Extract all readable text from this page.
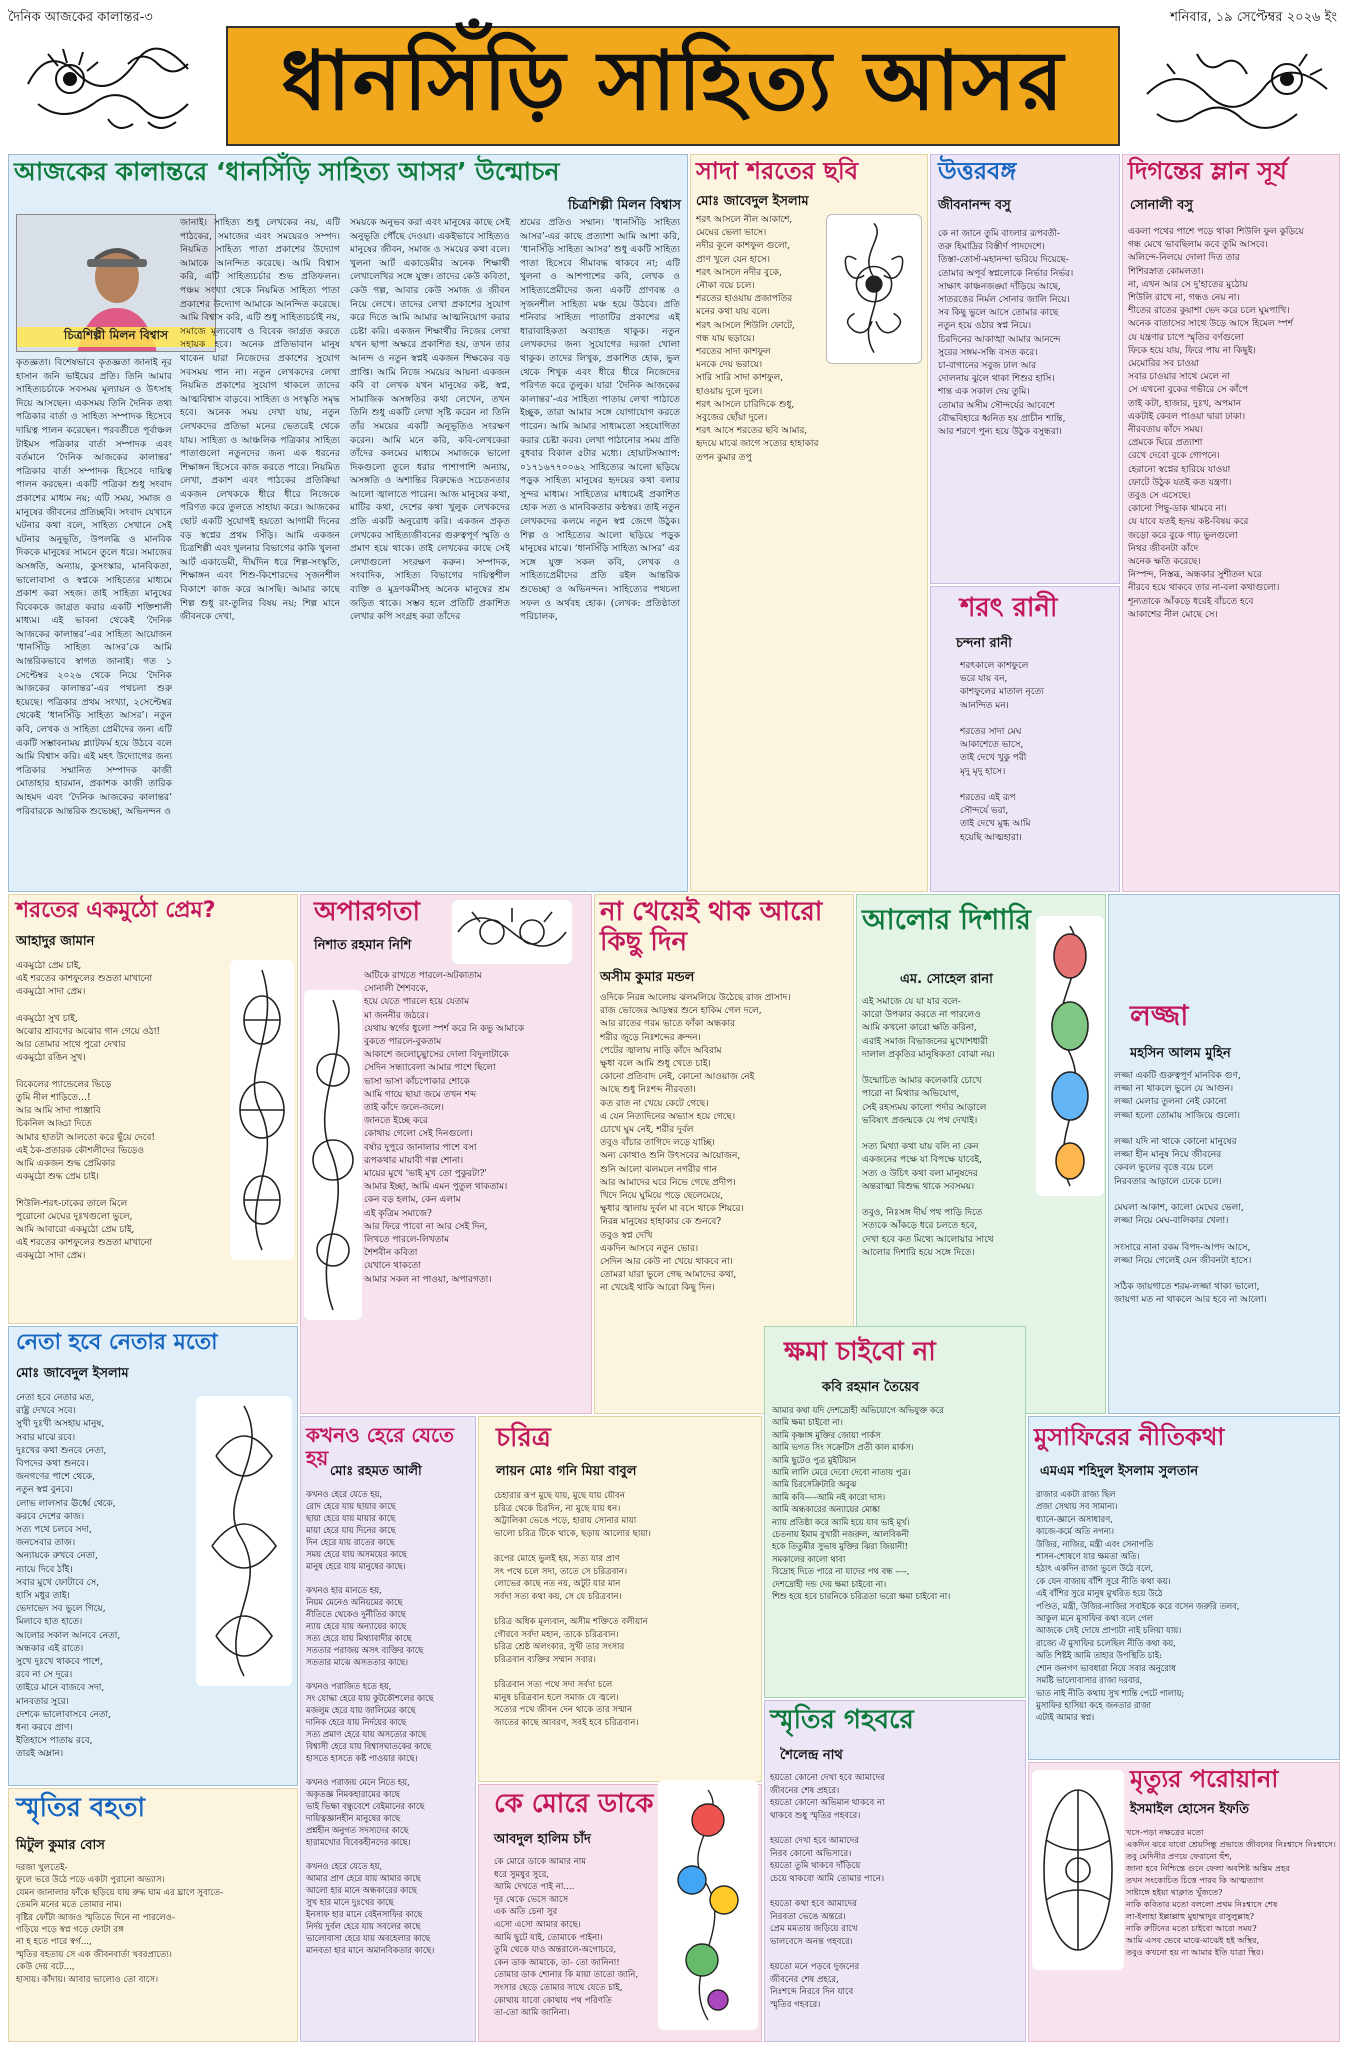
দৈনিক আজকের কালান্তর-৩	শনিবার, ১৯ সেপ্টেম্বর ২০২৬ ইং
ধানসিঁড়ি সাহিত্য আসর
আজকের কালান্তরে ‘ধানসিঁড়ি সাহিত্য আসর’ উন্মোচন
চিত্রশিল্পী মিলন বিশ্বাস
চিত্রশিল্পী মিলন বিশ্বাস
কৃতজ্ঞতা। বিশেষভাবে কৃতজ্ঞতা জানাই নূর হাসান জনি ভাইয়ের প্রতি। তিনি আমার সাহিত্যচর্চাকে সবসময় মূল্যায়ন ও উৎসাহ দিয়ে আসছেন। একসময় তিনি দৈনিক তথ্য পত্রিকার বার্তা ও সাহিত্য সম্পাদক হিসেবে দায়িত্ব পালন করেছেন। পরবর্তীতে পূর্বাঞ্চল টাইমস পত্রিকার বার্তা সম্পাদক এবং বর্তমানে ‘দৈনিক আজকের কালান্তর’ পত্রিকার বার্তা সম্পাদক হিসেবে দায়িত্ব পালন করছেন। একটি পত্রিকা শুধু সংবাদ প্রকাশের মাধ্যম নয়; এটি সময়, সমাজ ও মানুষের জীবনের প্রতিচ্ছবি। সংবাদ যেখানে ঘটনার কথা বলে, সাহিত্য সেখানে সেই ঘটনার অনুভূতি, উপলব্ধি ও মানবিক দিককে মানুষের সামনে তুলে ধরে। সমাজের অসঙ্গতি, অন্যায়, কুসংস্কার, মানবিকতা, ভালোবাসা ও স্বপ্নকে সাহিত্যের মাধ্যমে প্রকাশ করা সহজ। তাই সাহিত্য মানুষের বিবেককে জাগ্রত করার একটি শক্তিশালী মাধ্যম। এই ভাবনা থেকেই ‘দৈনিক আজকের কালান্তর’-এর সাহিত্য আয়োজন ‘ধানসিঁড়ি সাহিত্য আসর’কে আমি আন্তরিকভাবে স্বাগত জানাই। গত ১ সেপ্টেম্বর ২০২৬ থেকে নিয়ে ‘দৈনিক আজকের কালান্তর’-এর পথচলা শুরু হয়েছে। পত্রিকার প্রথম সংখ্যা, ২সেপ্টেম্বর থেকেই ‘ধানসিঁড়ি সাহিত্য আসর’। নতুন কবি, লেখক ও সাহিত্য প্রেমীদের জন্য এটি একটি সম্ভাবনাময় প্ল্যাটফর্ম হয়ে উঠবে বলে আমি বিশ্বাস করি। এই মহৎ উদ্যোগের জন্য পত্রিকার সম্মানিত সম্পাদক কাজী মোতাহার হারমান, প্রকাশক কাজী তারিক আহমদ এবং ‘দৈনিক আজকের কালান্তর’ পরিবারকে আন্তরিক শুভেচ্ছা, অভিনন্দন ও
জানাই। সাহিত্য শুধু লেখকের নয়, এটি পাঠকের, সমাজের এবং সময়েরও সম্পদ। নিয়মিত সাহিত্য পাতা প্রকাশের উদ্যোগ আমাকে আনন্দিত করেছে। আমি বিশ্বাস করি, এটি সাহিত্যচর্চার শুভ প্রতিফলন। পঞ্চম সংখ্যা থেকে নিয়মিত সাহিত্য পাতা প্রকাশের উদ্যোগ আমাকে আনন্দিত করেছে। আমি বিশ্বাস করি, এটি শুধু সাহিত্যচর্চাই নয়, সমাজে মূল্যবোধ ও বিবেক জাগ্রত করতে সহায়ক হবে। অনেক প্রতিভাবান মানুষ থাকেন যারা নিজেদের প্রকাশের সুযোগ সবসময় পান না। নতুন লেখকদের লেখা নিয়মিত প্রকাশের সুযোগ থাকলে তাদের আত্মবিশ্বাস বাড়বে। সাহিত্য ও সংস্কৃতি সমৃদ্ধ হবে। অনেক সময় দেখা যায়, নতুন লেখকদের প্রতিভা মনের ভেতরেই থেকে যায়। সাহিত্য ও আঞ্চলিক পত্রিকার সাহিত্য পাতাগুলো নতুনদের জন্য এক ধরনের শিক্ষাঙ্গন হিসেবে কাজ করতে পারে। নিয়মিত লেখা, প্রকাশ এবং পাঠকের প্রতিক্রিয়া একজন লেখককে ধীরে ধীরে নিজেকে পরিণত করে তুলতে সাহায্য করে। আজকের ছোট একটি সুযোগই হয়তো আগামী দিনের বড় স্বপ্নের প্রথম সিঁড়ি। আমি একজন চিত্রশিল্পী এবং খুলনার বিভাগের কাকি খুলনা আর্ট একাডেমী, দীর্ঘদিন ধরে শিল্প-সংস্কৃতি, শিক্ষাঙ্গন এবং শিশু-কিশোরদের সৃজনশীল বিকাশে কাজ করে আসছি। আমার কাছে শিল্প শুধু রং-তুলির বিষয় নয়; শিল্প মানে জীবনকে দেখা,
সময়কে অনুভব করা এবং মানুষের কাছে সেই অনুভূতি পৌঁছে দেওয়া। একইভাবে সাহিত্যও মানুষের জীবন, সমাজ ও সময়ের কথা বলে। খুলনা আর্ট একাডেমীর অনেক শিক্ষার্থী লেখালেখির সঙ্গে যুক্ত। তাদের কেউ কবিতা, কেউ গল্প, আবার কেউ সমাজ ও জীবন নিয়ে লেখে। তাদের লেখা প্রকাশের সুযোগ করে দিতে আমি আমার আত্মনিয়োগ করার চেষ্টা করি। একজন শিক্ষার্থীর নিজের লেখা যখন ছাপা অক্ষরে প্রকাশিত হয়, তখন তার আনন্দ ও নতুন স্বপ্নই একজন শিক্ষকের বড় প্রাপ্তি। আমি নিজে সময়ের আয়না একজন কবি বা লেখক যখন মানুষের কষ্ট, স্বপ্ন, সামাজিক অসঙ্গতির কথা লেখেন, তখন তিনি শুধু একটি লেখা সৃষ্টি করেন না তিনি তাঁর সময়ের একটি অনুভূতিও সংরক্ষণ করেন। আমি মনে করি, কবি-লেখকেরা তাঁদের কলমের মাধ্যমে সমাজকে ভালো দিকগুলো তুলে ধরার পাশাপাশি অন্যায়, অসঙ্গতি ও অশান্তির বিরুদ্ধেও সচেতনতার আলো জ্বালাতে পারেন। আজ মানুষের কথা, মাটির কথা, দেশের কথা খুলুক লেখকদের প্রতি একটি অনুরোধ করি। একজন প্রকৃত লেখকের সাহিত্যজীবনের গুরুত্বপূর্ণ স্মৃতি ও প্রমাণ হয়ে থাকে। তাই লেখকের কাছে সেই লেখাগুলো সংরক্ষণ করুন। সম্পাদক, সংবাদিক, সাহিত্য বিভাগের দায়িত্বশীল ব্যক্তি ও মুদ্রণকর্মীসহ অনেক মানুষের শ্রম জড়িত থাকে। সম্ভব হলে প্রতিটি প্রকাশিত লেখার কপি সংগ্রহ করা তাঁদের
শ্রমের প্রতিও সম্মান। ‘ধানসিঁড়ি সাহিত্য আসর’-এর কাছে প্রত্যাশা আমি আশা করি, ‘ধানসিঁড়ি সাহিত্য আসর’ শুধু একটি সাহিত্য পাতা হিসেবে সীমাবদ্ধ থাকবে না; এটি খুলনা ও আশপাশের কবি, লেখক ও সাহিত্যপ্রেমীদের জন্য একটি প্রাণবন্ত ও সৃজনশীল সাহিত্য মঞ্চ হয়ে উঠবে। প্রতি শনিবার সাহিত্য পাতাটির প্রকাশের এই ধারাবাহিকতা অব্যাহত থাকুক। নতুন লেখকদের জন্য সুযোগের দরজা খোলা থাকুক। তাদের লিখুক, প্রকাশিত হোক, ভুল থেকে শিখুক এবং ধীরে ধীরে নিজেদের পরিণত করে তুলুক। যারা ‘দৈনিক আজকের কালান্তর’-এর সাহিত্য পাতায় লেখা পাঠাতে ইচ্ছুক, তারা আমার সঙ্গে যোগাযোগ করতে পারেন। আমি আমার সাধ্যমতো সহযোগিতা করার চেষ্টা করব। লেখা পাঠানোর সময় প্রতি বুধবার বিকাল ৫টার মধ্যে। হোয়াটসঅ্যাপ: ০১৭১৬৭৭০০৬২ সাহিত্যের আলো ছড়িয়ে পড়ুক সাহিত্য মানুষের হৃদয়ের কথা বলার সুন্দর মাধ্যম। সাহিত্যের মাধ্যমেই প্রকাশিত হোক সত্য ও মানবিকতার কন্ঠস্বর। তাই নতুন লেখকদের কলমে নতুন স্বপ্ন জেগে উঠুক। শিল্প ও সাহিত্যের আলো ছড়িয়ে পড়ুক মানুষের মাঝে। ‘ধানসিঁড়ি সাহিত্য আসর’ এর সঙ্গে যুক্ত সকল কবি, লেখক ও সাহিত্যপ্রেমীদের প্রতি রইল আন্তরিক শুভেচ্ছা ও অভিনন্দন। সাহিত্যের পথচলা সফল ও অর্থবহ হোক। (লেখক: প্রতিষ্ঠাতা পরিচালক,
সাদা শরতের ছবি
মোঃ জাবেদুল ইসলাম
শরৎ আসলে নীল আকাশে,
মেঘের ভেলা ভাসে।
নদীর কূলে কাশফুল গুলো,
প্রাণ খুলে যেন হাসে।
শরৎ আসলে নদীর বুকে,
নৌকা বয়ে চলে।
শরতের হাওয়ায় প্রজাপতির
মনের কথা যায় বলে।
শরৎ আসলে শিউলি ফোটে,
গন্ধ যায় ছড়ায়ে।
শরতের সাদা কাশফুল
মনকে দেয় ভরায়ে।
সারি সারি সাদা কাশফুল,
হাওয়ায় দুলে দুলে।
শরৎ আসলে চারিদিকে শুধু,
সবুজের ছোঁয়া দুলে।
শরৎ আসে শরতের ছবি আমার,
হৃদয়ে মাঝে জাগে সত্যের হাহাকার
তপন কুমার তপু
উত্তরবঙ্গ
জীবনানন্দ বসু
কে না জানে তুমি বাংলার রূপবতী-
তরু হিমাদ্রির বিস্তীর্ণ পাদদেশে।
তিস্তা-তোর্সা-মহানন্দা ভরিয়ে দিয়েছে-
তোমার অপূর্ব স্বপ্নলোকে নির্ভার নির্ভর।
সাক্ষাৎ কাঞ্চনজঙ্ঘা দাঁড়িয়ে আছে,
সাতরঙের নির্মল সোনার জালি নিয়ে।
সব কিছু ভুলে আসে তোমার কাছে
নতুন হয়ে ওঠার স্বপ্ন নিয়ে।
চিরদিনের আকাঙ্খা আমার আনন্দে
সুরের সঙ্গম-সন্ধি বসত করে।
চা-বাগানের সবুজ ঢাল আর
দোলনায় ঝুলে থাকা শিশুর হাসি।
শান্ত এক সকাল দেয় তুমি।
তোমার অসীম সৌন্দর্যের আবেশে
বৌদ্ধবিহারে ধ্বনিত হয় প্রাচীন শান্তি,
আর শরণে পুন্য হয়ে উঠুক বসুন্ধরা।
শরৎ রানী
চন্দনা রানী
শরৎকালে কাশফুলে
ভরে যায় বন,
কাশফুলের মাতাল নৃত্যে
আনন্দিত মন।

শরতের সাদা মেঘ
আকাশেতে ভাসে,
তাই দেখে খুকু পরী
মৃদু মৃদু হাসে।

শরতের এই রূপ
সৌন্দর্যে ভরা,
তাই দেখে মুগ্ধ আমি
হয়েছি আত্মহারা।
দিগন্তের ম্লান সূর্য
সোনালী বসু
একলা পথের পাশে পড়ে থাকা শিউলি ফুল কুড়িয়ে
গন্ধ মেখে ভাবছিলাম কবে তুমি আসবে।
অলিন্দে-নিলয়ে দোলা দিত তার
শিশিরস্নাত কোমলতা।
না, এখন আর সে দু'হাতের মুঠোয়
শিউলি রাখে না, গন্ধও নেয় না।
শীতের রাতের কুয়াশা ভেদ করে চলে ঘুমপাখি।
অনেক বাতাসের সাথে উড়ে আসে হিমেল স্পর্শ
যে যন্ত্রণার চাপে স্মৃতির বর্ণগুলো
ফিকে হয়ে যায়, ফিরে পায় না কিছুই।
মেমোরির সব চাওয়া
সবার চাওয়ার সাথে মেলে না
সে এখনো বুকের গভীরে সে কাঁপে
তাই কটা, হাজার, দুঃখ, অপমান
একটাই কেবল পাওয়া দ্বারা ঢাকা।
নীরবতায় কাঁদে সময়।
প্রেমকে ঘিরে প্রত্যাশা
রেখে দেবো বুকে গোপনে।
হেরানো স্বপ্নের হারিয়ে যাওয়া
ফোটে উঠুক যতই কত যন্ত্রণা।
তবুও সে এসেছে।
কোনো পিছু-ডাক থামবে না।
যে যাবে যতই হৃদয় কষ্ট-বিষয় করে
জড়ো করে বুকে গাঢ় ভুলগুলো
নিথর জীবনটা কাঁদে
অনেক ক্ষতি করেছে।
নিস্পন্দ, নিস্তব্ধ, অন্ধকার সুশীতল ঘরে
নীরবে হয়ে থাকবে তার না-বলা কথাগুলো।
শূন্যতাকে আঁকড়ে ধরেই বাঁচতে হবে
আকাশের নীল মোছে সে।
শরতের একমুঠো প্রেম?
আহাদুর জামান
একমুঠো প্রেম চাই,
এই শরতের কাশফুলের শুভ্রতা মাখানো
একমুঠো সাদা প্রেম।

একমুঠো সুখ চাই,
অঝোর শ্রাবণের অঝোর গান গেয়ে ওঠা!
আর তোমার সাথে পুরো দেখার
একমুঠো রঙিন সুখ।

বিকেলের প্যান্ডেলের ভিড়ে
তুমি নীল শাড়িতে…!
আর আমি সাদা পাঞ্জাবি
চিকনিল আড্ডা দিতে
আমার হাতটা আলতো করে ছুঁয়ে দেবে!
এই ঠক-প্রতারক কৌশলীদের ভিড়েও
আমি একজন শুদ্ধ প্রেমিকার
একমুঠো শুদ্ধ প্রেম চাই।

শিউলি-শরৎ-ঢাকের তালে মিলে
পুরোনো মেঘের দুঃখগুলো ভুলে,
আমি আবারো একমুঠো প্রেম চাই,
এই শরতের কাশফুলের শুভ্রতা মাখানো
একমুঠো সাদা প্রেম।
অপারগতা
নিশাত রহমান নিশি
অটিকে রাখতে পারলে-অটকাতাম
সোনালী শৈশবকে,
হয়ে যেতে পারলে হয়ে যেতাম
মা জননীর জঠরে।
যেথায় স্বর্গের ধুলো স্পর্শ করে নি কভু আমাকে
বুকতে পারলে-বুকতাম
আকাশে জলোচ্ছ্বাসের দোলা বিদুলাটাকে
সেদিন সন্ধ্যাবেলা আমার পাশে ছিলো
ভাসা ভাসা কাঁচপোকার শোকে
আমি গায়ে ছায়া জমে তখন শব্দ
তাই কাঁদে জলে-জলে।
জানতে ইচ্ছে করে
কোথায় গেলো সেই দিনগুলো।
বর্ষার দুপুরে জানালার পাশে বসা
রূপকথার মায়াবী গল্প শোনা।
মায়ের মুখে 'ভাই মূখ তো পুকুরটা?'
আমার ইচ্ছা, আমি এমন পুতুল থাকতাম।
কেন বড় হলাম, কেন এলাম
এই কৃত্রিম সমাজে?
আর ফিরে পাবো না আর সেই দিন,
লিখতে পারলে-লিখতাম
শৈশবীন কবিতা
যেখানে থাকতো
আমার সকল না পাওয়া, অপারগতা।
না খেয়েই থাক আরো কিছু দিন
অসীম কুমার মন্ডল
ওদিকে নিরন্ন আলোয় ঝলমলিয়ে উঠেছে রাজ প্রাসাদ।
রাজ ভোজের আড়ম্বর শুনে হাকিম গেল দলে,
আর রাতের গরম ভাতে ফাঁকা অন্ধকার
শরীর জুড়ে নিঃশব্দের ক্রন্দন।
পেটের জ্বালায় নাড়ি কাঁদে অবিরাম
ক্ষুধা বলে আমি শুধু খেতে চাই।
কোনো প্রতিবাদ নেই, কোনো আওয়াজ নেই
আছে শুধু নিঃশব্দ নীরবতা।
কত রাত না খেয়ে কেটে গেছে।
এ যেন নিত্যদিনের অভ্যাস হয়ে গেছে।
চোখে ঘুম নেই, শরীর দুর্বল
তবুও বাঁচার তাগিদে লড়ে যাচ্ছি।
অন্য কোথাও শুনি উৎসবের আয়োজন,
শুনি আলো ঝলমলে নগরীর গান
আর আমাদের ঘরে নিভে গেছে প্রদীপ।
খিদে নিয়ে ঘুমিয়ে পড়ে ছেলেমেয়ে,
ক্ষুধার জ্বালায় দুর্বল মা বসে থাকে শিয়রে।
নিরন্ন মানুষের হাহাকার কে শুনবে?
তবুও স্বপ্ন দেখি
একদিন আসবে নতুন ভোর।
সেদিন আর কেউ না খেয়ে থাকবে না।
তোমরা যারা ভুলে গেছ আমাদের কথা,
না খেয়েই থাকি আরো কিছু দিন।
আলোর দিশারি
এম. সোহেল রানা
এই সমাজে যে যা যার বলে-
কারো উপকার করতে না পারলেও
আমি কখনো কারো ক্ষতি করিনা,
এরাই সমাজ বিভাজনের মুখোশধারী
দালাল প্রকৃতির মানুষিকতা বোঝা নয়।

উন্মোচিত আমার কলেকারি চোখে
পারো না মিথ্যার অভিযোগ,
সেই রহস্যময় কালো পর্দার আড়ালে
ভবিষ্যৎ প্রজন্মকে যে পথ দেখাই।

সত্য মিথ্যা কথা যায় বলি না কেন
একজনের পক্ষে যা বিপক্ষে যাবেই,
সত্য ও উচিৎ কথা বলা মানুষদের
অন্তরাত্মা বিশুদ্ধ থাকে সবসময়।

তবুও, নিঃসঙ্গ দীর্ঘ পথ পাড়ি দিতে
সত্যকে আঁকড়ে ধরে চলতে হবে,
দেখা হবে কত মিথ্যে আলোয়ার সাথে
আলোর দিশারি হয়ে সঙ্গে দিতে।
লজ্জা
মহসিন আলম মুহিন
লজ্জা একটি গুরুত্বপূর্ণ মানবিক গুণ,
লজ্জা না থাকলে ভুলে যে আগুন।
লজ্জা মেলার তুলনা নেই কোনো
লজ্জা হলো তোমায় সাজিয়ে গুলো।

লজ্জা যদি না থাকে কোনো মানুষের
লজ্জা হীন মানুষ নিয়ে জীবনের
কেবল ভুলের বৃত্তে বয়ে চলে
নিরবতার আড়ালে ঢেকে চলে।

মেঘলা আকাশ, কালো মেঘের ভেলা,
লজ্জা নিয়ে মেঘ-বালিকার খেলা।

সংসারে নানা রকম বিপদ-আপদ আসে,
লজ্জা নিয়ে গেলেই যেন জীবনটা হাসে।

সঠিক জায়গাতে শরম-লজ্জা থাকা ভালো,
জায়গা মত না থাকলে আর হবে না আলো।
নেতা হবে নেতার মতো
মোঃ জাবেদুল ইসলাম
নেতা হবে নেতার মত,
রাষ্ট্র দেখবে সবে।
সুখী দুঃখী অসহায় মানুষ,
সবার মাঝে রবে।
দুঃখের কথা শুনবে নেতা,
বিপদের কথা শুনবে।
জনগণের পাশে থেকে,
নতুন স্বপ্ন বুনবে।
লোভ লালসার ঊর্ধ্বে থেকে,
করবে দেশের কাজ।
সত্য পথে চলবে সদা,
জনসেবার তাজ।
অন্যায়কে রুখবে নেতা,
ন্যায়ে দিবে ঠাঁই।
সবার মুখে ফোটাবে সে,
হাসি মধুর তাই।
ভেদাভেদ সব ভুলে গিয়ে,
মিলাবে হাত হাতে।
আলোর সকাল আনবে নেতা,
অন্ধকার এই রাতে।
সুখে দুঃখে থাকবে পাশে,
রবে না সে দূরে।
তাইরে মানে বাজবে সদা,
মানবতার সুরে।
দেশকে ভালোবাসবে নেতা,
ধন্য করবে প্রাণ।
ইতিহাসে পাতায় রবে,
তারই অম্লান।
কখনও হেরে যেতে হয়
মোঃ রহমত আলী
কখনও হেরে যেতে হয়,
রোদ হেরে যায় ছায়ার কাছে
ছায়া হেরে যায় মায়ার কাছে
মায়া হেরে যায় দিনের কাছে
দিন হেরে যায় রাতের কাছে
সময় হেরে যায় অসময়ের কাছে
মানুষ হেরে যায় মানুষের কাছে।

কখনও হার মানতে হয়,
নিয়ম মেনেও অনিয়মের কাছে
নীতিতে থেকেও দুর্নীতির কাছে
ন্যায় হেরে যায় অন্যায়ের কাছে
সত্য হেরে যায় মিথ্যাবাদীর কাছে
সততার পরাজয় অসৎ ব্যক্তির কাছে
সততার মাঝে অসততার কাছে।

কখনও পরাজিত হতে হয়,
সং যোদ্ধা হেরে যায় কুটকৌশলের কাছে
মজলুম হেরে যায় জালিমের কাছে
দানিক হেরে যায় নির্দয়ের কাছে
সত্য প্রমাণ হেরে যায় অসত্যের কাছে
বিশ্বাসী হেরে যায় বিশ্বাসঘাতকের কাছে
হাসতে হাসতে কষ্ট পাওয়ার কাছে।

কখনও পরাজয় মেনে নিতে হয়,
অকৃতজ্ঞ নিমকহারামের কাছে
ভাই ভিক্ষা বন্ধুবেশে বেইমানের কাছে
দায়িত্বজ্ঞানহীন মানুষের কাছে
প্রশ্নহীন অনুগত সদস্যদের কাছে
হারামখোর বিবেকহীনদের কাছে।

কখনও হেরে যেতে হয়,
আমার প্রাণ হেরে যায় আমার কাছে
আলো হার মানে অন্ধকারের কাছে
সুখ হার মানে দুঃখের কাছে
ইনসাফ হার মানে বেইনসাফির কাছে
নির্দয় দুর্বল হেরে যায় সবলের কাছে
ভালোবাসা হেরে যায় অবহেলার কাছে
মানবতা হার মানে অমানবিকতার কাছে।
চরিত্র
লায়ন মোঃ গনি মিয়া বাবুল
চেহারার রূপ মুছে যায়, মুছে যায় যৌবন
চরিত্র থেকে চিরদিন, না মুছে যায় ধন।
অট্টালিকা ভেঙে পড়ে, হারায় সোনার মায়া
ভালো চরিত্র টিকে থাকে, ছড়ায় আলোর ছায়া।

রূপের মোহে ভুলই হয়, সত্য যার প্রাণ
সৎ পথে চলে সদা, তাতে সে চরিত্রবান।
লোভের কাছে নত নয়, অটুট যার মান
সর্বদা সত্য কথা কয়, সে যে চরিত্রবান।

চরিত্র অধিক মূল্যবান, অসীম শক্তিতে বলীয়ান
গৌরবে সর্বদা মহান, তাকে চরিত্রবান।
চরিত্র শ্রেষ্ঠ অলংকার, সুখী তার সংসার
চরিত্রবান ব্যক্তির সম্মান সবার।

চরিত্রবান সত্য পথে সদা সর্বদা চলে
মানুষ চরিত্রবান হলে সমাজ যে জ্বলে।
সত্যের পথে জীবন দেন থাকে তার সম্মান
জাতের কাছে আবরণ, সবই হবে চরিত্রবান।
ক্ষমা চাইবো না
কবি রহমান তৈয়েব
আমার কথা যদি দেশদ্রোহী অভিযোগে অভিযুক্ত করে
আমি ক্ষমা চাইবো না।
আমি কৃষ্ণাঙ্গ মুক্তির জোয়া পার্কস
আমি ভগত সিং সক্রেটিস প্রতী কাল মার্কস।
আমি ছুটেও পুত্র মুইটিয়ান
আমি লালি মেরে দেবো দেবো নাতায় পুত্র।
আমি চিরসেক্রিটারি অবুঝ
আমি কবি—–আমি নই কারো দাস।
আমি অন্ধকারের অন্যায়ের মোষ্কা
ন্যায় প্রতিষ্ঠা করে আমি হয়ে যাব ভাই মূর্খ।
চেতনায় ইমাম বুখারী নজরুল, আলবিকনী
হকে তিতুমীর সুভাষ মুক্তির ঝিরা জিয়ানী!
সমকালের কালো থাবা
বিদ্রোহ দিতে পারে না যাদের পথ বন্ধ ----,
দেশদ্রোহী দন্ড দেয় ক্ষমা চাইবো না।
শিশু হয়ে হবে চারনিকে চরিত্রতা ভরো ক্ষমা চাইবো না।
মুসাফিরের নীতিকথা
এমএম শহিদুল ইসলাম সুলতান
রাজার একটা রাজ্য ছিল
প্রজা সেথায় সব সামান্য।
ধ্যানে-জ্ঞানে অসাধারণ,
কাজে-কর্মে অতি নগন্য।
উজির, নাজির, মন্ত্রী এবং সেনাপতি
শাসন-শোষণে যার ক্ষমতা অতি।
হঠাৎ একদিন রাজা ভুলে উঠে বলে,
কে যেন বাজায় বাঁশি সুরে নীতি কথা কয়।
এই বাঁশির সুরে মানুষ মুখরিত হয়ে উঠে
পণ্ডিত, মন্ত্রী, উজির-নাজির সবাইকে করে বসেন জরুরি তলব,
আকুল মনে মুসাফির কথা বলে গেল
আজকে সেই দোষে প্রাপ্যটা নাই চলিয়া যায়।
রাজ্যে ঐ মুসাফির চলেছিল নীতি কথা কয়,
অতি শিষ্টই আমি তাহার উপস্থিতি চাই:
শোন জনগণ ভাবধারা নিয়ে সবার অনুরোধ
সমষ্টি ভালোবাসার রাজা দরবার,
ভাত নাই নীতি কথায় সুখ শান্তি পেটে পালায়;
মুসাফির হাসিয়া কহে জনতার রাজা
এটাই আমার স্বপ্ন।
স্মৃতির বহতা
মিটুল কুমার বোস
দরজা খুলতেই-
ফুলে ভরে উঠে পড়ে একটা পুরানো অভ্যাস।
যেমন জানালার ফাঁকে ছড়িয়ে যায় রুদ্ধ ঘাম এর ঘ্রাণে সুবাতে-
তেমনি মনের মতে তোমার নাম।
বৃষ্টির ফোঁটা আজও স্মৃতিতে দিনে না পারলেও-
গড়িয়ে পড়ে স্বপ্ন গড়ে ফোটা রঙ্গ
না হ হতে পারে স্বর্গ...,
স্মৃতির বহতায় সে এক জীবনবার্তা খবরপ্রাত্যে।
কেউ দেয় বটে...,
হাসায়। কাঁদায়। আবার ভালো‌ও তো বাসে।
কে মোরে ডাকে
আবদুল হালিম চাঁদ
কে মোরে ডাকে আমার নাম
ধরে সুমধুর সুরে,
আমি দেখতে পাই না....
দূর থেকে ভেসে আসে
এক অতি চেনা সুর
এসো এসো আমার কাছে।
আমি ছুটে যাই, তোমাকে পাইনা।
তুমি থেকে যাও অন্তরালে-অগোচরে,
কেন ডাক আমাকে, তা- তো জানিনা!
তোমার ডাক শোনার কি মায়া তাতো জানি,
সংসার ছেড়ে তোমার সাথে যেতে চাই,
কোথায় যাবো কোথায় পথ পরিণতি
তা-তো আমি জানিনা।
স্মৃতির গহবরে
শৈলেন্দ্র নাথ
হয়তো কোনো দেখা হবে আমাদের
জীবনের শেষ প্রহরে।
হয়তো কোনো অভিমান থাকবে না
থাকবে শুধু স্মৃতির গহবরে।

হয়তো দেখা হবে আমাদের
নিরব কোনো অভিসারে।
হয়তো তুমি থাকবে দাঁড়িয়ে
চেয়ে থাকবো আমি তোমার পানে।

হয়তো কথা হবে আমাদের
নিরবতা ভেঙে অন্তরে।
প্রেম মমতায় জড়িয়ে রাখে
ভালবেসে অনন্ত গহবরে।

হয়তো মনে পড়বে দুজনের
জীবনের শেষ প্রহরে,
নিঃশব্দে নিরবে দিন যাবে
স্মৃতির গহবরে।
মৃত্যুর পরোয়ানা
ইসমাইল হোসেন ইফতি
খসে-পড়া নক্ষত্রের মতো
একদিন ঝরে যাবো শ্রেয়সিন্ধু প্রভাতে জীবনের নিঃশ্বাসে নিঃশ্বাসে।
তবু মেদিনীর প্রণয়ে ফেরানো হুঁশ,
জানা হবে নিশ্চিন্তে গুনে ফেলা অবশিষ্ট অন্তিম প্রহর
তখন সংকোচিত চিত্তে পারব কি আত্মত্যাগ
সাষ্টাঙ্গে হইয়া থাক্লাত খুঁজতে?
নাকি কবিতার মতো বললো প্রথম নিঃশ্বাসে শেষ
লা-ইলাহা ইল্লাল্লাহু মুহাম্মাদুর রাসুলুল্লাহ?
নাকি রুটিনের মতো চাইবো আরো সময়?
আমি এসব ভেবে মাঝে-মাঝেই হই অস্থির,
তবুও কখনো হয় না আমার ইতি যাত্রা স্থির।
